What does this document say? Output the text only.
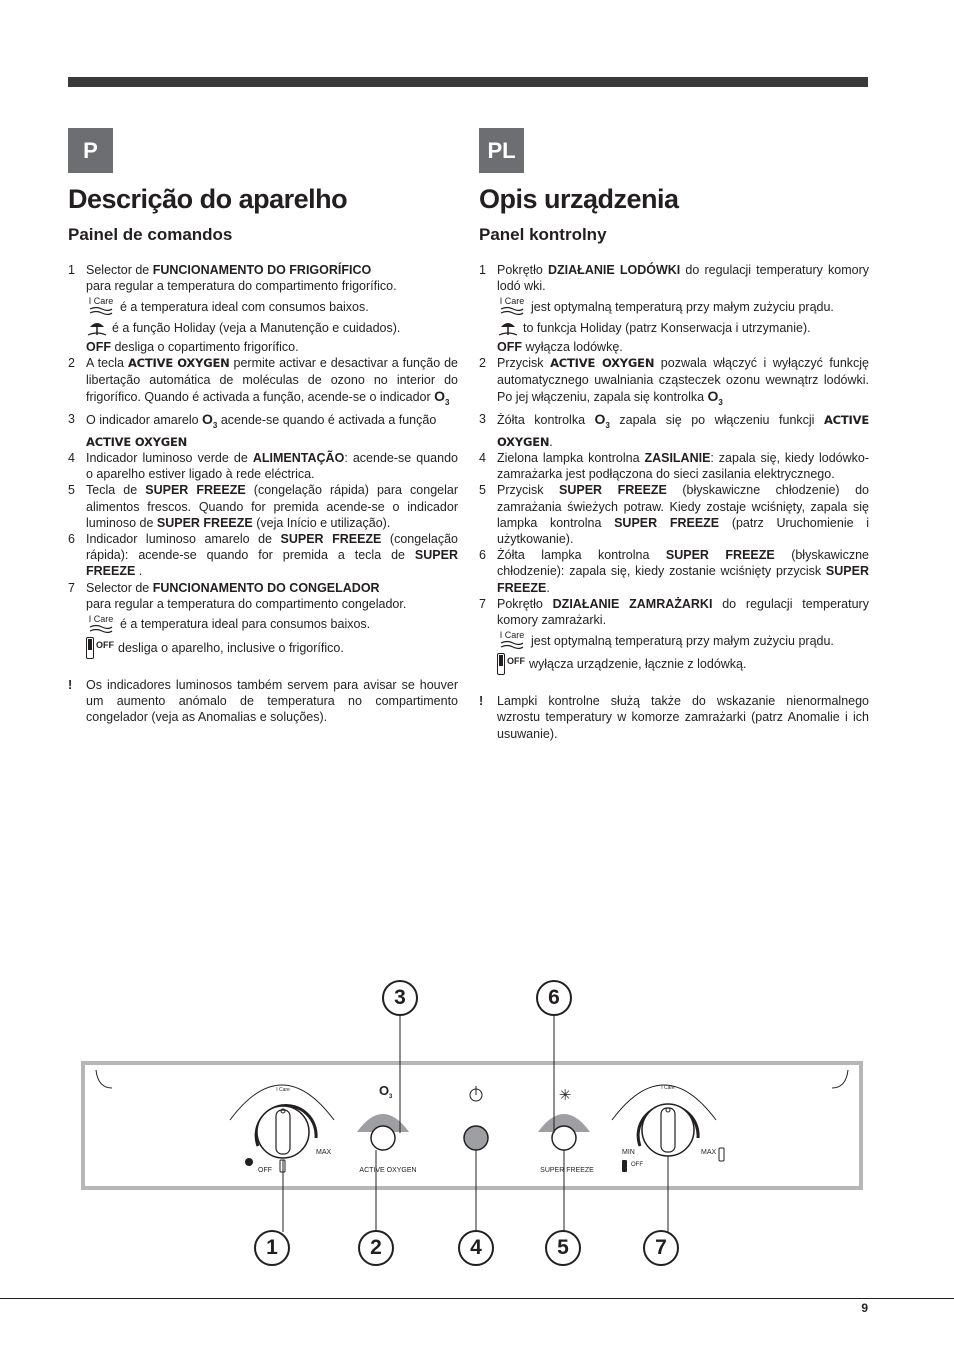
P
Descrição do aparelho
Painel de comandos
1 Selector de FUNCIONAMENTO DO FRIGORÍFICO
para regular a temperatura do compartimento frigorífico.
I Care é a temperatura ideal com consumos baixos.
é a função Holiday (veja a Manutenção e cuidados).
OFF desliga o copartimento frigorífico.
2 A tecla ACTIVE OXYGEN permite activar e desactivar a função de libertação automática de moléculas de ozono no interior do frigorífico. Quando é activada a função, acende-se o indicador $O_3$
3 O indicador amarelo $O_3$ acende-se quando é activada a função
ACTIVE OXYGEN
4 Indicador luminoso verde de ALIMENTAÇÃO: acende-se quando o aparelho estiver ligado à rede eléctrica.
5 Tecla de SUPER FREEZE (congelação rápida) para congelar alimentos frescos. Quando for premida acende-se o indicador luminoso de SUPER FREEZE (veja Início e utilização).
6 Indicador luminoso amarelo de SUPER FREEZE (congelação rápida): acende-se quando for premida a tecla de SUPER FREEZE .
7 Selector de FUNCIONAMENTO DO CONGELADOR
para regular a temperatura do compartimento congelador.
I Care é a temperatura ideal para consumos baixos.
OFF desliga o aparelho, inclusive o frigorífico.
! Os indicadores luminosos também servem para avisar se houver um aumento anómalo de temperatura no compartimento congelador (veja as Anomalias e soluções).
PL
Opis urządzenia
Panel kontrolny
1 Pokrętło DZIAŁANIE LODÓWKI do regulacji temperatury komory lodó wki.
I Care jest optymalną temperaturą przy małym zużyciu prądu.
to funkcja Holiday (patrz Konserwacja i utrzymanie).
OFF wyłącza lodówkę.
2 Przycisk ACTIVE OXYGEN pozwala włączyć i wyłączyć funkcję automatycznego uwalniania cząsteczek ozonu wewnątrz lodówki. Po jej włączeniu, zapala się kontrolka $O_3$
3 Żółta kontrolka $O_3$ zapala się po włączeniu funkcji ACTIVE OXYGEN.
4 Zielona lampka kontrolna ZASILANIE: zapala się, kiedy lodówko-zamrażarka jest podłączona do sieci zasilania elektrycznego.
5 Przycisk SUPER FREEZE (błyskawiczne chłodzenie) do zamrażania świeżych potraw. Kiedy zostaje wciśnięty, zapala się lampka kontrolna SUPER FREEZE (patrz Uruchomienie i użytkowanie).
6 Żółta lampka kontrolna SUPER FREEZE (błyskawiczne chłodzenie): zapala się, kiedy zostanie wciśnięty przycisk SUPER FREEZE.
7 Pokrętło DZIAŁANIE ZAMRAŻARKI do regulacji temperatury komory zamrażarki.
I Care jest optymalną temperaturą przy małym zużyciu prądu.
OFF wyłącza urządzenie, łącznie z lodówką.
! Lampki kontrolne służą także do wskazanie nienormalnego wzrostu temperatury w komorze zamrażarki (patrz Anomalie i ich usuwanie).
I Care
MAX
OFF
O 3
ACTIVE OXYGEN
✳
SUPER FREEZE
I Care
MIN	MAX
OFF
3	6
1	2	4	5	7
9
